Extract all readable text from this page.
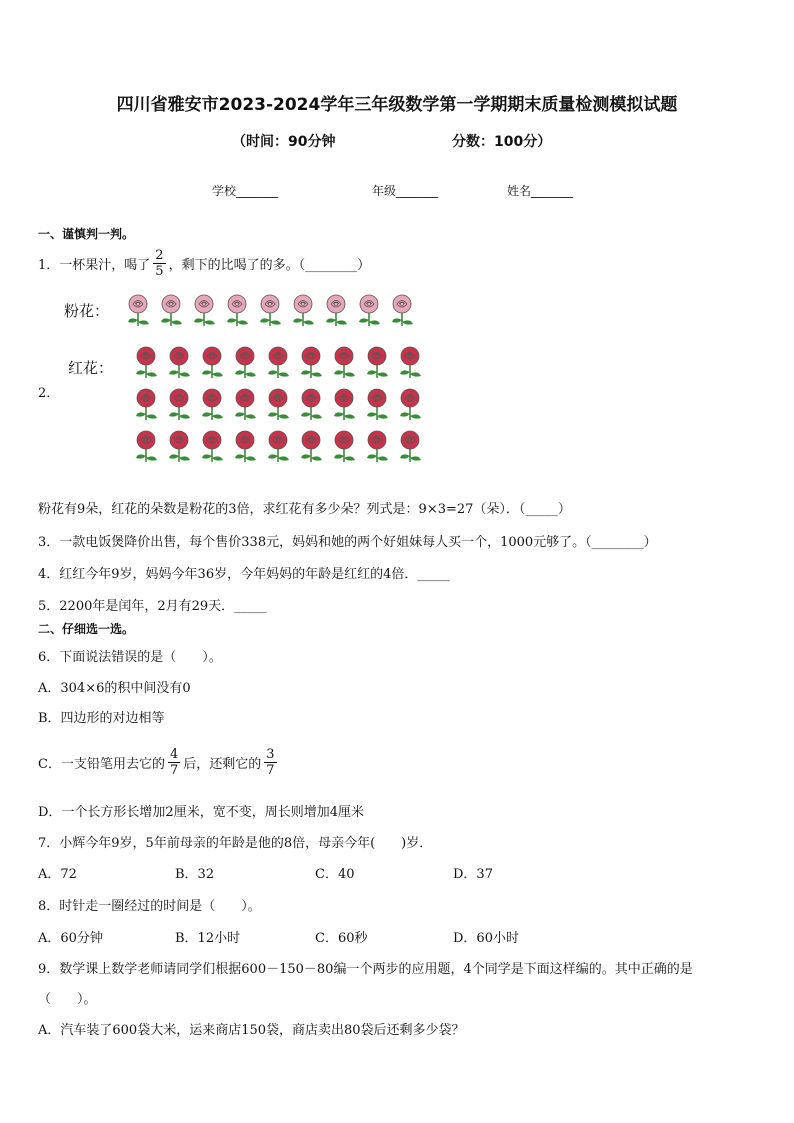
四川省雅安市2023-2024学年三年级数学第一学期期末质量检测模拟试题
（时间：90分钟	分数：100分）
学校_______	年级_______	姓名_______
一、谨慎判一判。
1．一杯果汁，喝了 $\frac{2}{5}$ ，剩下的比喝了的多。（________）
2．
粉花：
红花：
粉花有9朵，红花的朵数是粉花的3倍，求红花有多少朵？列式是：9×3=27（朵）．（_____）
3．一款电饭煲降价出售，每个售价338元，妈妈和她的两个好姐妹每人买一个，1000元够了。（________）
4．红红今年9岁，妈妈今年36岁，今年妈妈的年龄是红红的4倍．_____
5．2200年是闰年，2月有29天．_____
二、仔细选一选。
6．下面说法错误的是（　　）。
A．304×6的积中间没有0
B．四边形的对边相等
C．一支铅笔用去它的 $\frac{4}{7}$ 后，还剩它的 $\frac{3}{7}$
D．一个长方形长增加2厘米，宽不变，周长则增加4厘米
7．小辉今年9岁，5年前母亲的年龄是他的8倍，母亲今年(　　)岁．
A．72	B．32	C．40	D．37
8．时针走一圈经过的时间是（　　）。
A．60分钟	B．12小时	C．60秒	D．60小时
9．数学课上数学老师请同学们根据600－150－80编一个两步的应用题，4个同学是下面这样编的。其中正确的是
（　　）。
A．汽车装了600袋大米，运来商店150袋，商店卖出80袋后还剩多少袋？
